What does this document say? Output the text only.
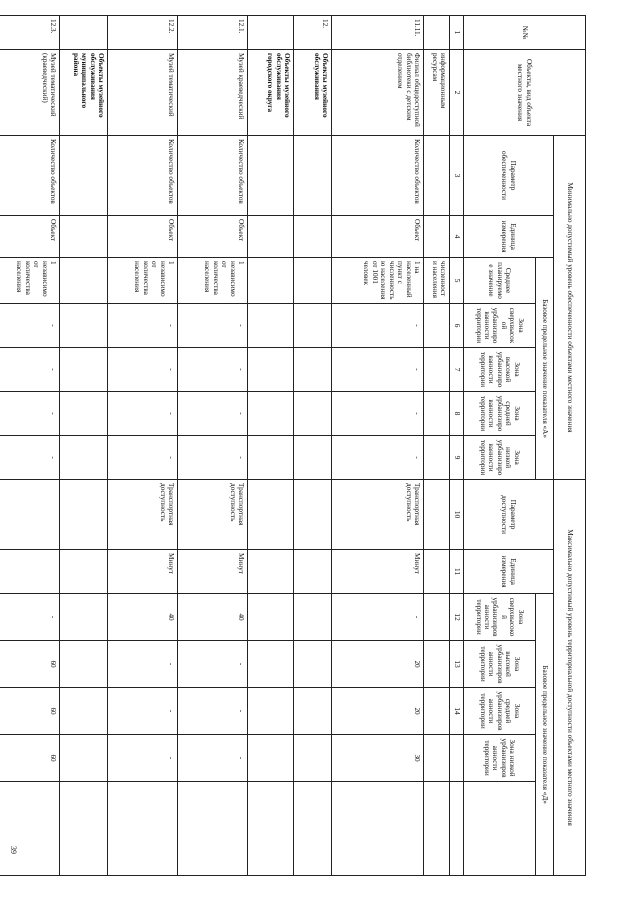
№№	Объекты, вид объекта местного значения	Минимально допустимый уровень обеспеченности объектами местного значения							Максимально допустимый уровень территориальной доступности объектами местного значения						
		Параметр обеспеченности	Единица измерения	Базовое предельное значение показателя «А»					Параметр доступности	Единица измерения	Базовое предельное значение показателя «Д»				
				Среднее планируемое значение	Зона сверхвысокой урбанизированности территории	Зона высокой урбанизированности территории	Зона средней урбанизированности территории	Зона низкой урбанизированности территории			Зона сверхвысокой урбанизированности территории	Зона высокой урбанизированности территории	Зона средней урбанизированности территории	Зона низкой урбанизированности территории	
1	2	3	4	5	6	7	8	9	10	11	12	13	14		
	информационным ресурсам			численности населения											
11.11.	Филиал общедоступной библиотеки с детским отделением	Количество объектов	Объект	1 на населенный пункт с численностью населения от 1001 человек	-	-	-	-	Транспортная доступность	Минут	-	20	20	30	
12.	Объекты музейного обслуживания														
	Объекты музейного обслуживания городского округа														
12.1.	Музей краеведческий	Количество объектов	Объект	1 независимо от количества населения	-	-	-	-	Транспортная доступность	Минут	40	-	-	-	
12.2.	Музей тематический	Количество объектов	Объект	1 независимо от количества населения	-	-	-	-	Транспортная доступность	Минут	40	-	-	-	
	Объекты музейного обслуживания муниципального района														
12.3.	Музей тематический (краеведческий)	Количество объектов	Объект	1 независимо от количества населения	-	-	-	-			-	60	60	60	
39
